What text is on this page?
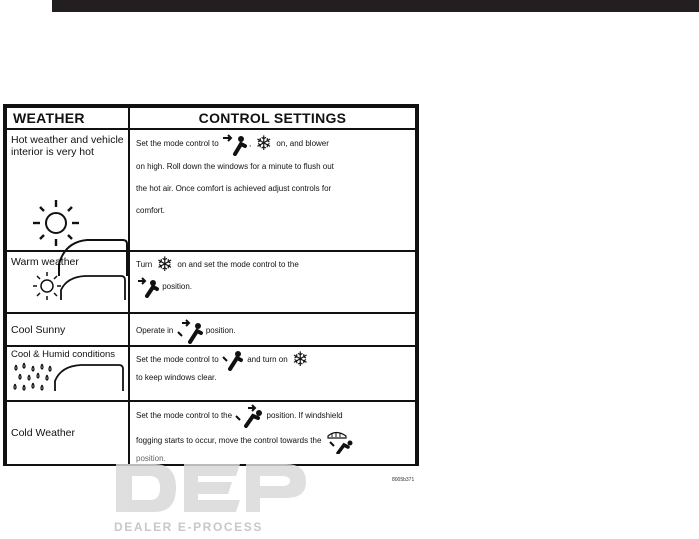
WEATHER	CONTROL SETTINGS

Hot weather and vehicle interior is very hot	Set the mode control to , ❄ on, and blower
on high. Roll down the windows for a minute to flush out
the hot air. Once comfort is achieved adjust controls for
comfort.

Warm weather	Turn ❄ on and set the mode control to the
position.

Cool Sunny	Operate in position.

Cool & Humid conditions	Set the mode control to and turn on ❄
to keep windows clear.

Cold Weather	Set the mode control to the position. If windshield
fogging starts to occur, move the control towards the
position.
8005b371
DEALER E-PROCESS
